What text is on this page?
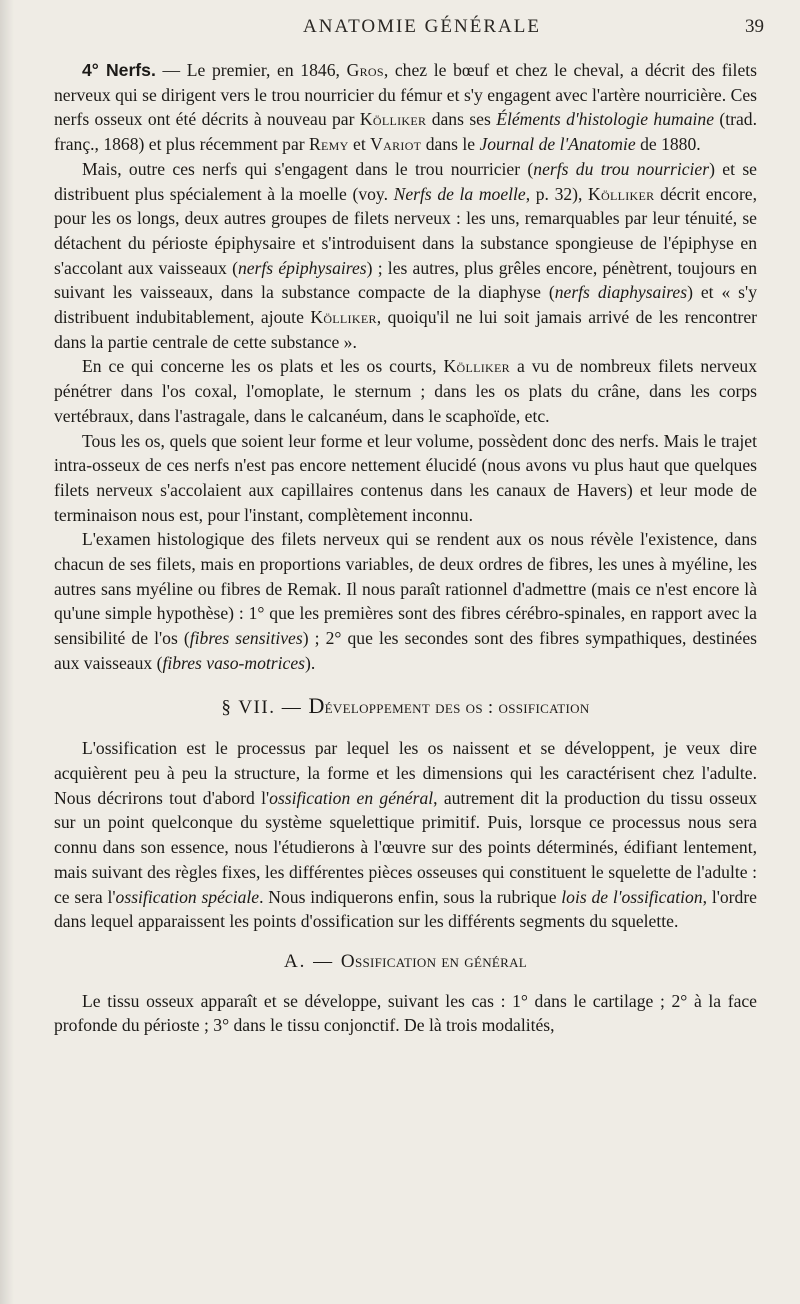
ANATOMIE GÉNÉRALE	39

4° Nerfs. — Le premier, en 1846, Gros, chez le bœuf et chez le cheval, a décrit des filets nerveux qui se dirigent vers le trou nourricier du fémur et s'y engagent avec l'artère nourricière. Ces nerfs osseux ont été décrits à nouveau par Kölliker dans ses Éléments d'histologie humaine (trad. franç., 1868) et plus récemment par Remy et Variot dans le Journal de l'Anatomie de 1880.

Mais, outre ces nerfs qui s'engagent dans le trou nourricier (nerfs du trou nourricier) et se distribuent plus spécialement à la moelle (voy. Nerfs de la moelle, p. 32), Kölliker décrit encore, pour les os longs, deux autres groupes de filets nerveux : les uns, remarquables par leur ténuité, se détachent du périoste épiphysaire et s'introduisent dans la substance spongieuse de l'épiphyse en s'accolant aux vaisseaux (nerfs épiphysaires) ; les autres, plus grêles encore, pénètrent, toujours en suivant les vaisseaux, dans la substance compacte de la diaphyse (nerfs diaphysaires) et « s'y distribuent indubitablement, ajoute Kölliker, quoiqu'il ne lui soit jamais arrivé de les rencontrer dans la partie centrale de cette substance ».

En ce qui concerne les os plats et les os courts, Kölliker a vu de nombreux filets nerveux pénétrer dans l'os coxal, l'omoplate, le sternum ; dans les os plats du crâne, dans les corps vertébraux, dans l'astragale, dans le calcanéum, dans le scaphoïde, etc.

Tous les os, quels que soient leur forme et leur volume, possèdent donc des nerfs. Mais le trajet intra-osseux de ces nerfs n'est pas encore nettement élucidé (nous avons vu plus haut que quelques filets nerveux s'accolaient aux capillaires contenus dans les canaux de Havers) et leur mode de terminaison nous est, pour l'instant, complètement inconnu.

L'examen histologique des filets nerveux qui se rendent aux os nous révèle l'existence, dans chacun de ses filets, mais en proportions variables, de deux ordres de fibres, les unes à myéline, les autres sans myéline ou fibres de Remak. Il nous paraît rationnel d'admettre (mais ce n'est encore là qu'une simple hypothèse) : 1° que les premières sont des fibres cérébro-spinales, en rapport avec la sensibilité de l'os (fibres sensitives) ; 2° que les secondes sont des fibres sympathiques, destinées aux vaisseaux (fibres vaso-motrices).

§ VII. — Développement des os : ossification

L'ossification est le processus par lequel les os naissent et se développent, je veux dire acquièrent peu à peu la structure, la forme et les dimensions qui les caractérisent chez l'adulte. Nous décrirons tout d'abord l'ossification en général, autrement dit la production du tissu osseux sur un point quelconque du système squelettique primitif. Puis, lorsque ce processus nous sera connu dans son essence, nous l'étudierons à l'œuvre sur des points déterminés, édifiant lentement, mais suivant des règles fixes, les différentes pièces osseuses qui constituent le squelette de l'adulte : ce sera l'ossification spéciale. Nous indiquerons enfin, sous la rubrique lois de l'ossification, l'ordre dans lequel apparaissent les points d'ossification sur les différents segments du squelette.

A. — Ossification en général

Le tissu osseux apparaît et se développe, suivant les cas : 1° dans le cartilage ; 2° à la face profonde du périoste ; 3° dans le tissu conjonctif. De là trois modalités,
